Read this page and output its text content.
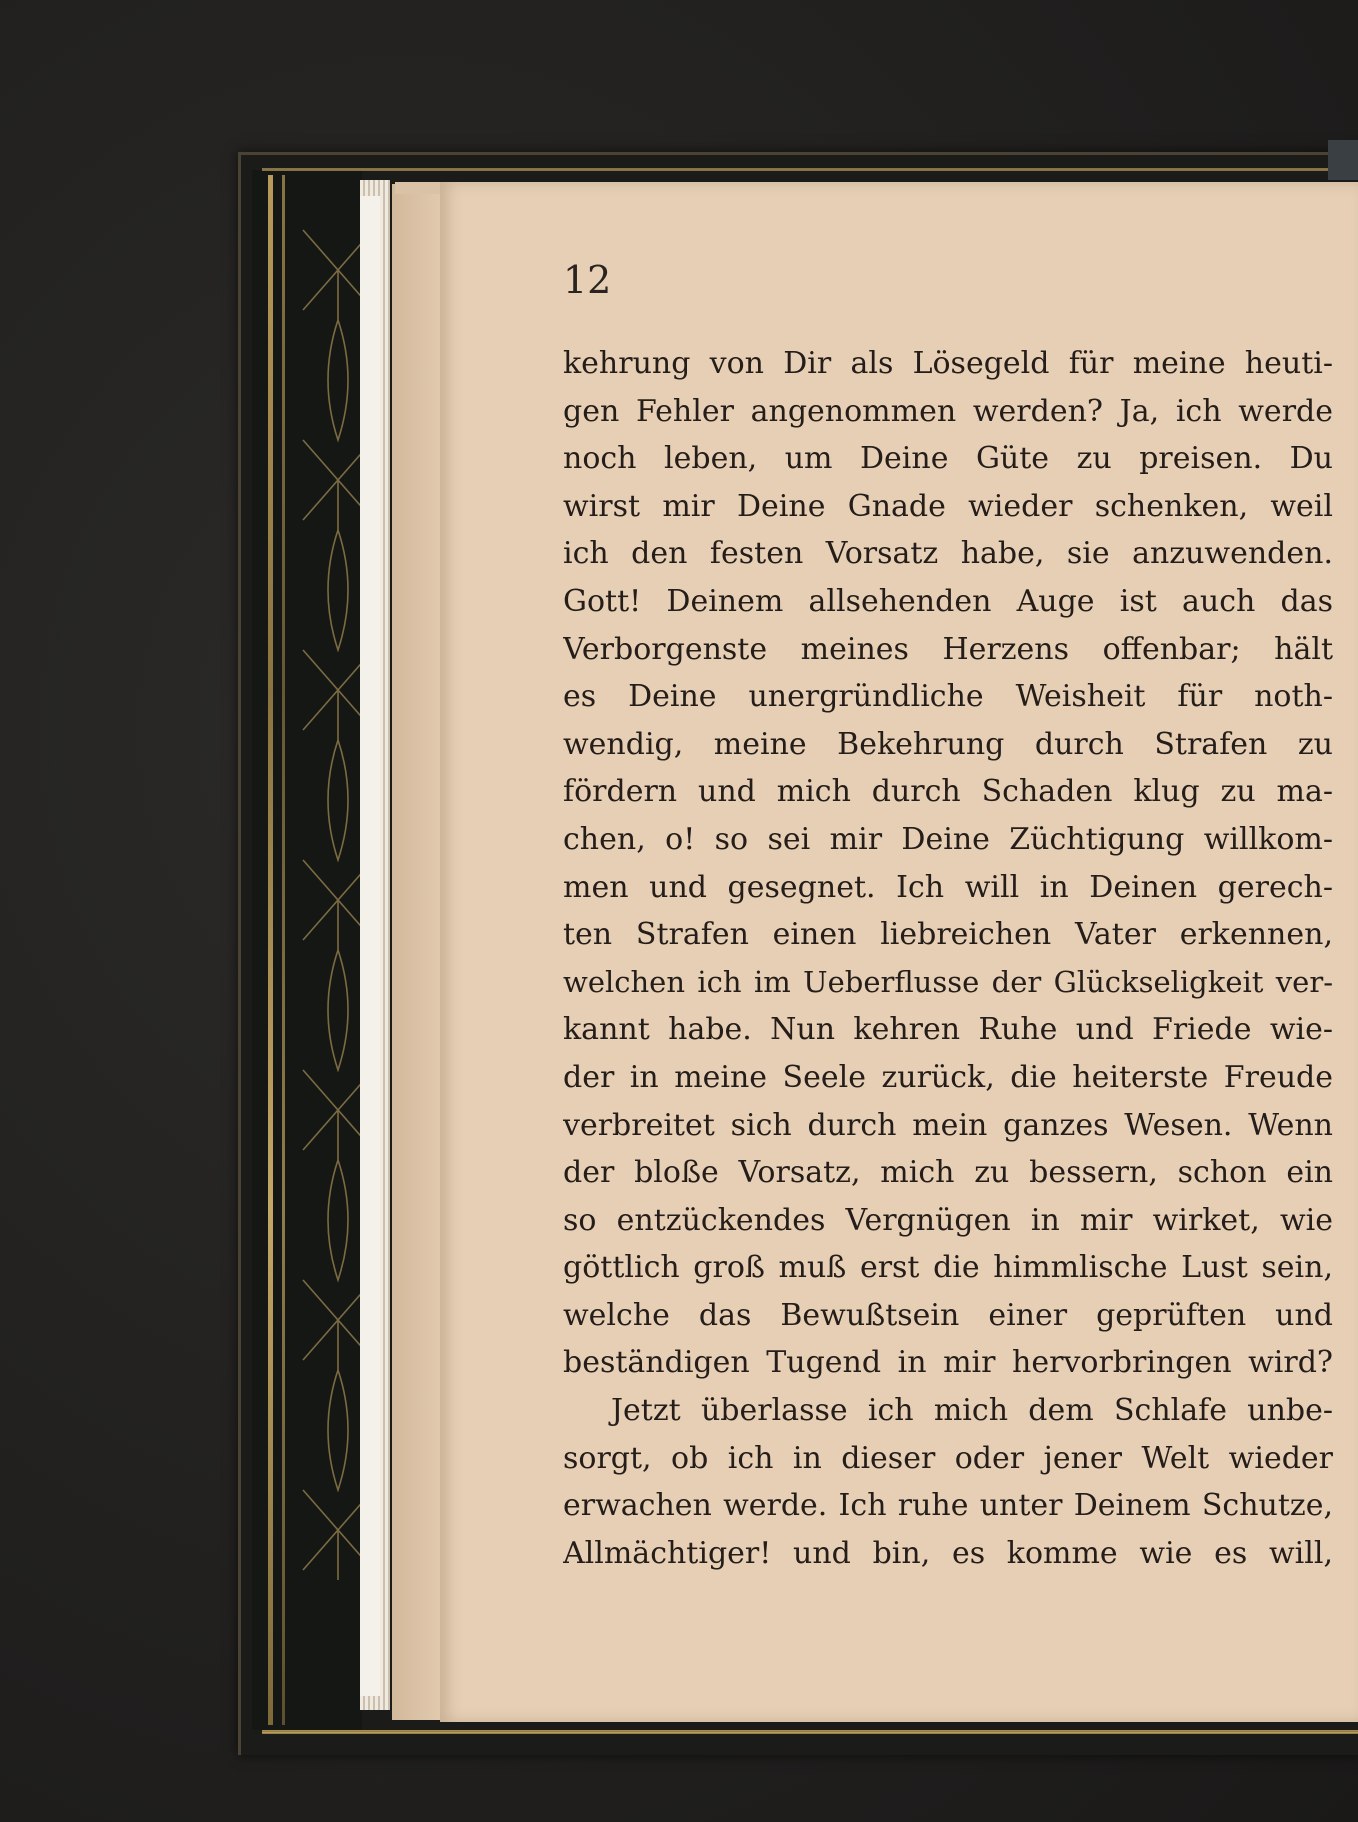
12
kehrung von Dir als Lösegeld für meine heuti-
gen Fehler angenommen werden? Ja, ich werde
noch leben, um Deine Güte zu preisen. Du
wirst mir Deine Gnade wieder schenken, weil
ich den festen Vorsatz habe, sie anzuwenden.
Gott! Deinem allsehenden Auge ist auch das
Verborgenste meines Herzens offenbar; hält
es Deine unergründliche Weisheit für noth-
wendig, meine Bekehrung durch Strafen zu
fördern und mich durch Schaden klug zu ma-
chen, o! so sei mir Deine Züchtigung willkom-
men und gesegnet. Ich will in Deinen gerech-
ten Strafen einen liebreichen Vater erkennen,
welchen ich im Ueberflusse der Glückseligkeit ver-
kannt habe. Nun kehren Ruhe und Friede wie-
der in meine Seele zurück, die heiterste Freude
verbreitet sich durch mein ganzes Wesen. Wenn
der bloße Vorsatz, mich zu bessern, schon ein
so entzückendes Vergnügen in mir wirket, wie
göttlich groß muß erst die himmlische Lust sein,
welche das Bewußtsein einer geprüften und
beständigen Tugend in mir hervorbringen wird?
Jetzt überlasse ich mich dem Schlafe unbe-
sorgt, ob ich in dieser oder jener Welt wieder
erwachen werde. Ich ruhe unter Deinem Schutze,
Allmächtiger! und bin, es komme wie es will,
